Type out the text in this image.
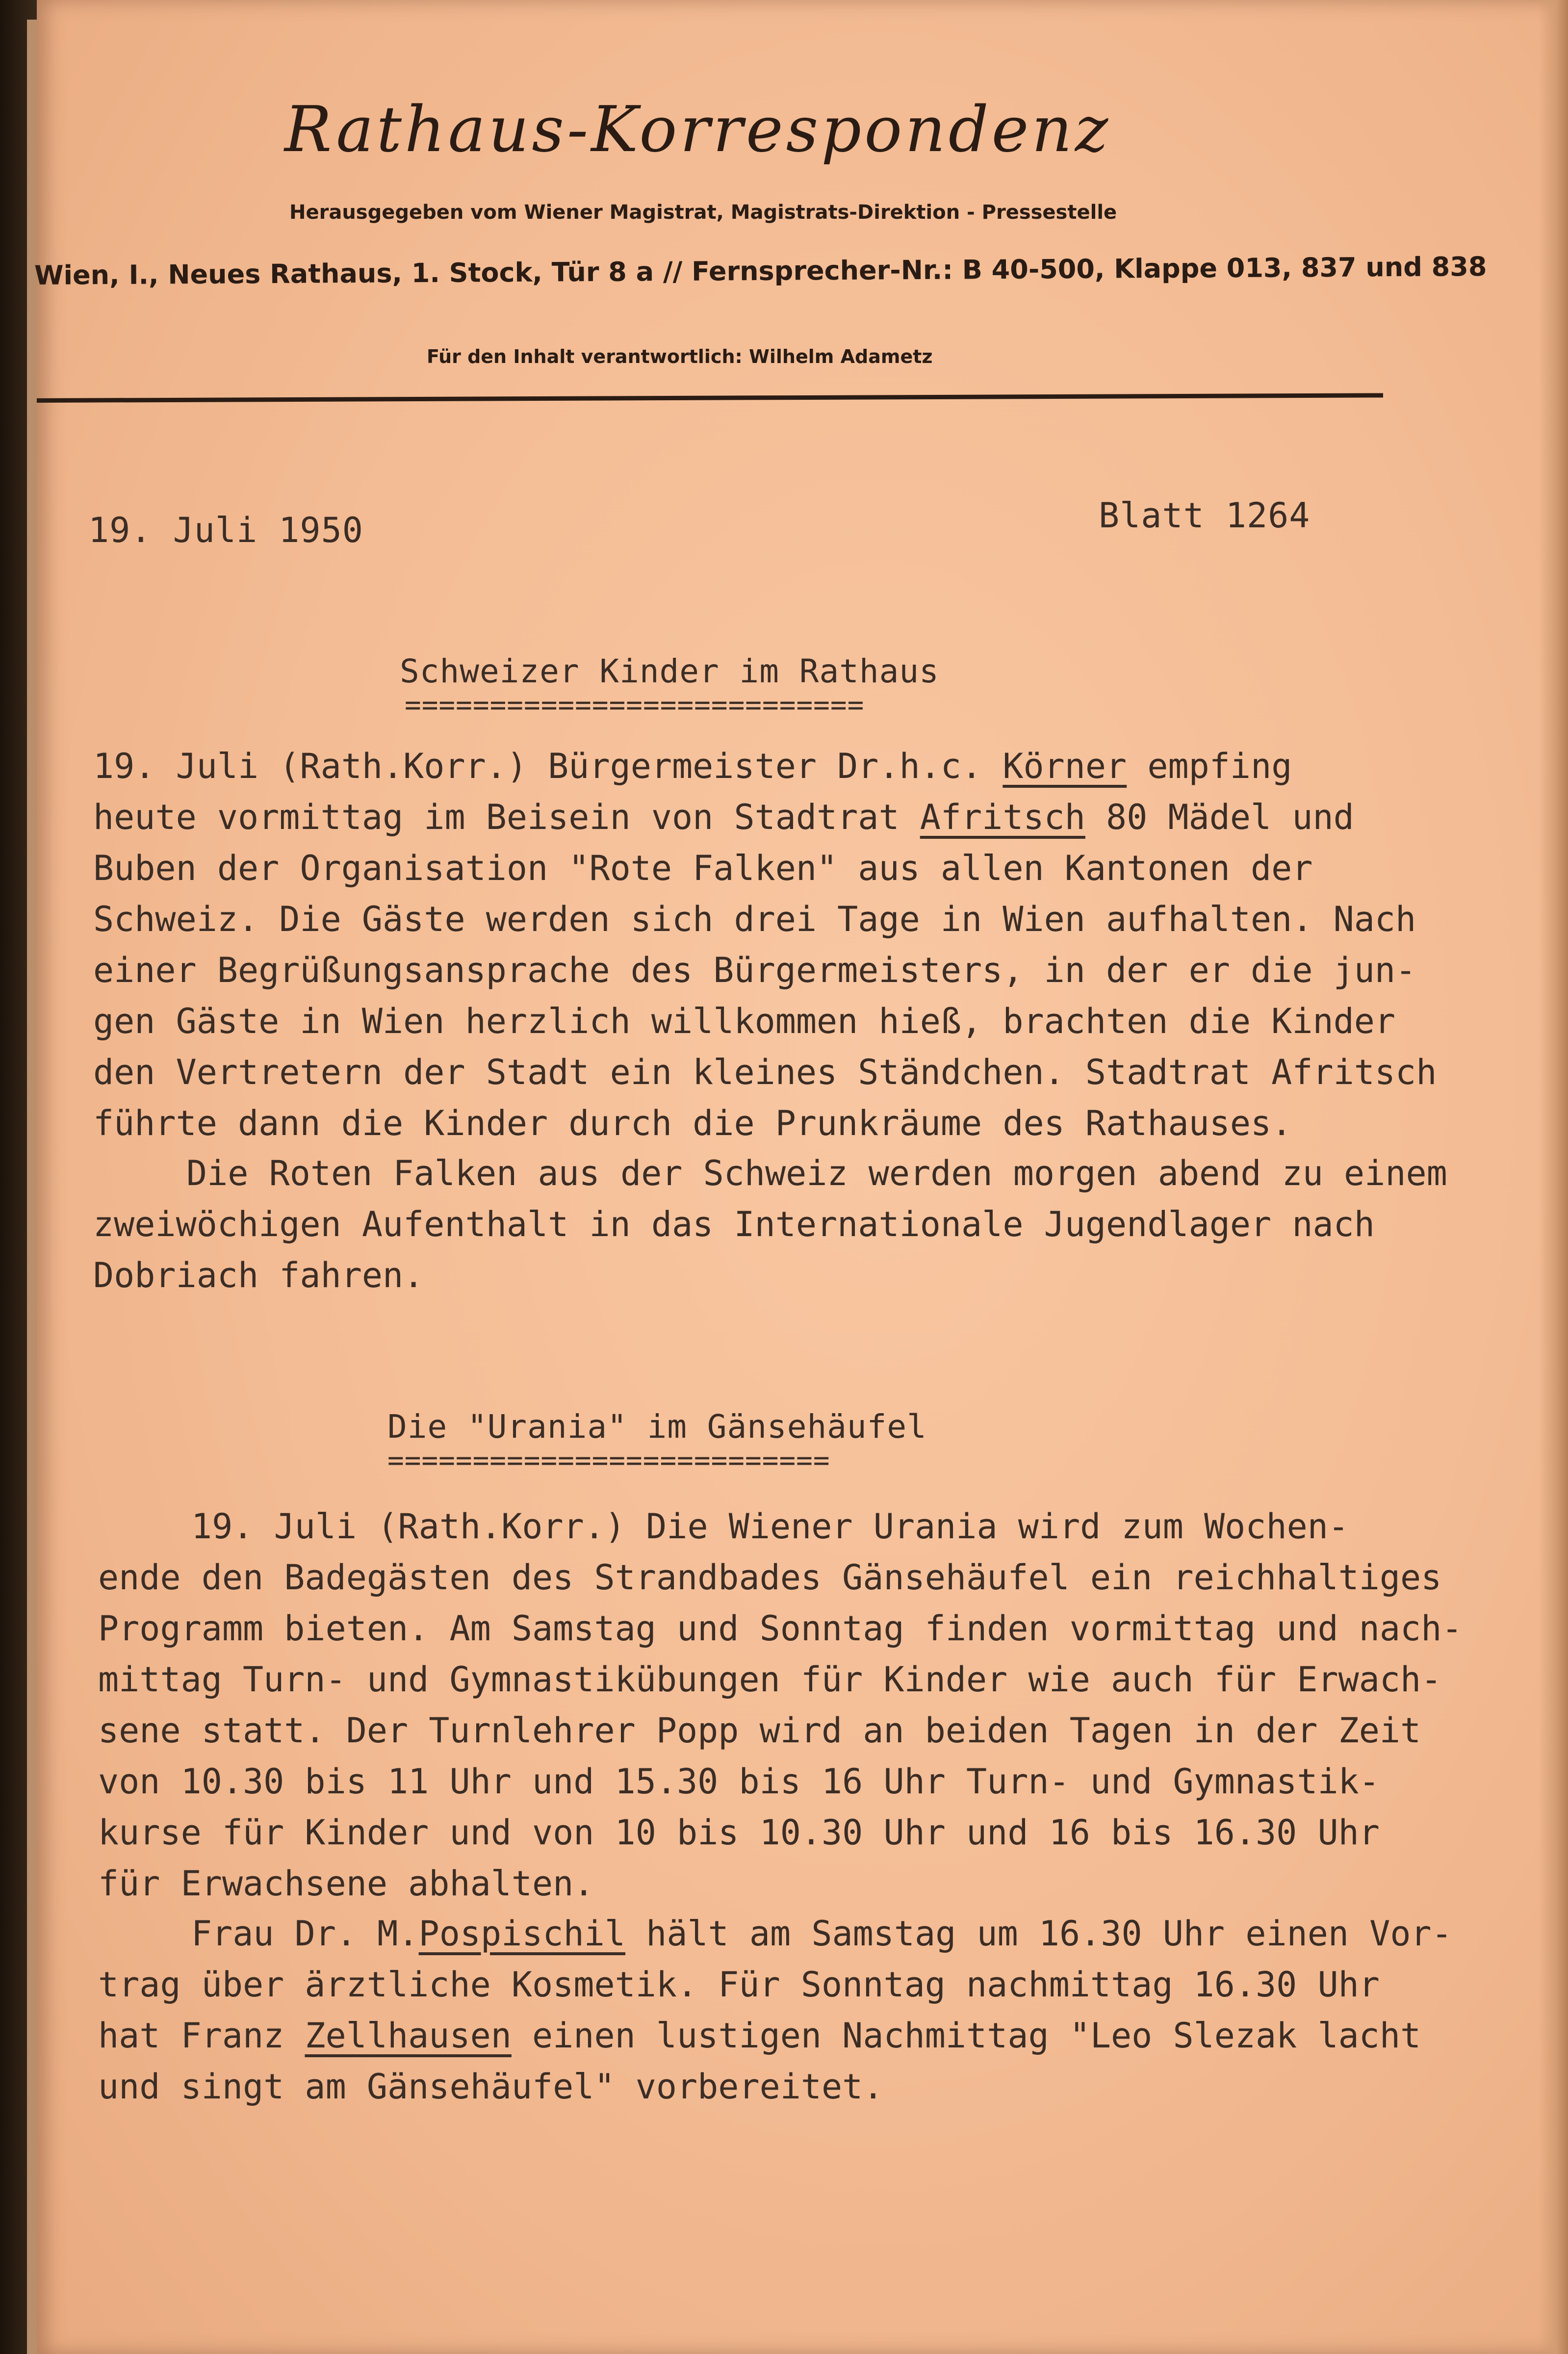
Rathaus-Korrespondenz
Herausgegeben vom Wiener Magistrat, Magistrats-Direktion - Pressestelle
Wien, I., Neues Rathaus, 1. Stock, Tür 8 a // Fernsprecher-Nr.: B 40-500, Klappe 013, 837 und 838
Für den Inhalt verantwortlich: Wilhelm Adametz
19. Juli 1950	Blatt 1264
Schweizer Kinder im Rathaus
===========================
19. Juli (Rath.Korr.) Bürgermeister Dr.h.c. Körner empfing
heute vormittag im Beisein von Stadtrat Afritsch 80 Mädel und
Buben der Organisation "Rote Falken" aus allen Kantonen der
Schweiz. Die Gäste werden sich drei Tage in Wien aufhalten. Nach
einer Begrüßungsansprache des Bürgermeisters, in der er die jun-
gen Gäste in Wien herzlich willkommen hieß, brachten die Kinder
den Vertretern der Stadt ein kleines Ständchen. Stadtrat Afritsch
führte dann die Kinder durch die Prunkräume des Rathauses.
Die Roten Falken aus der Schweiz werden morgen abend zu einem
zweiwöchigen Aufenthalt in das Internationale Jugendlager nach
Dobriach fahren.
Die "Urania" im Gänsehäufel
==========================
19. Juli (Rath.Korr.) Die Wiener Urania wird zum Wochen-
ende den Badegästen des Strandbades Gänsehäufel ein reichhaltiges
Programm bieten. Am Samstag und Sonntag finden vormittag und nach-
mittag Turn- und Gymnastikübungen für Kinder wie auch für Erwach-
sene statt. Der Turnlehrer Popp wird an beiden Tagen in der Zeit
von 10.30 bis 11 Uhr und 15.30 bis 16 Uhr Turn- und Gymnastik-
kurse für Kinder und von 10 bis 10.30 Uhr und 16 bis 16.30 Uhr
für Erwachsene abhalten.
Frau Dr. M.Pospischil hält am Samstag um 16.30 Uhr einen Vor-
trag über ärztliche Kosmetik. Für Sonntag nachmittag 16.30 Uhr
hat Franz Zellhausen einen lustigen Nachmittag "Leo Slezak lacht
und singt am Gänsehäufel" vorbereitet.
